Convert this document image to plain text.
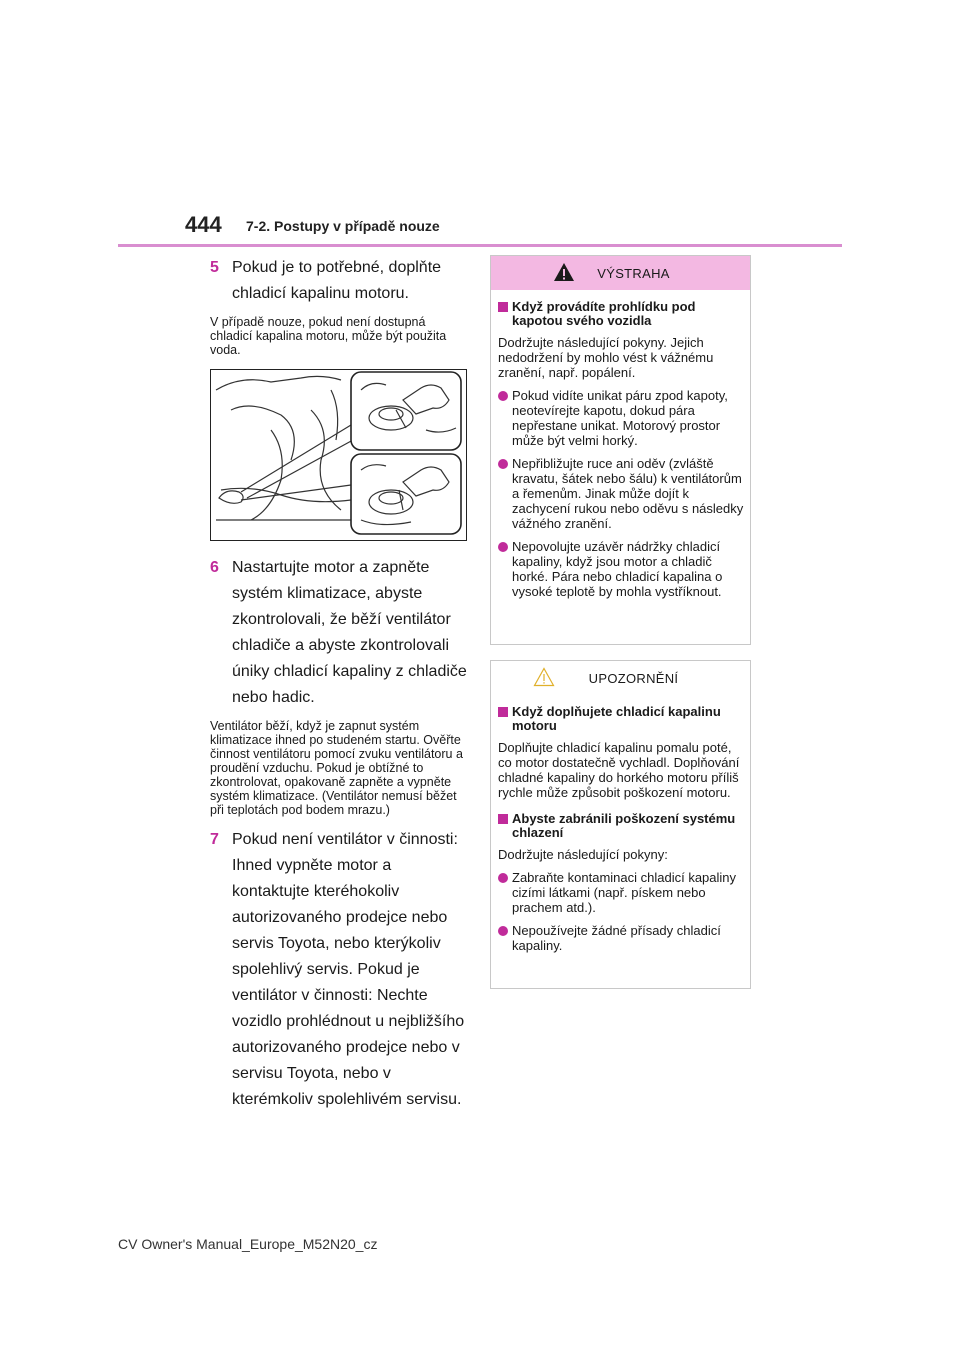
444 7-2. Postupy v případě nouze
5 Pokud je to potřebné, doplňte chladicí kapalinu motoru.
V případě nouze, pokud není dostupná chladicí kapalina motoru, může být použita voda.
6 Nastartujte motor a zapněte systém klimatizace, abyste zkontrolovali, že běží ventilátor chladiče a abyste zkontrolovali úniky chladicí kapaliny z chladiče nebo hadic.
Ventilátor běží, když je zapnut systém klimatizace ihned po studeném startu. Ověřte činnost ventilátoru pomocí zvuku ventilátoru a proudění vzduchu. Pokud je obtížné to zkontrolovat, opakovaně zapněte a vypněte systém klimatizace. (Ventilátor nemusí běžet při teplotách pod bodem mrazu.)
7 Pokud není ventilátor v činnosti: Ihned vypněte motor a kontaktujte kteréhokoliv autorizovaného prodejce nebo servis Toyota, nebo kterýkoliv spolehlivý servis. Pokud je ventilátor v činnosti: Nechte vozidlo prohlédnout u nejbližšího autorizovaného prodejce nebo v servisu Toyota, nebo v kterémkoliv spolehlivém servisu.
VÝSTRAHA
Když provádíte prohlídku pod kapotou svého vozidla
Dodržujte následující pokyny. Jejich nedodržení by mohlo vést k vážnému zranění, např. popálení.
Pokud vidíte unikat páru zpod kapoty, neotevírejte kapotu, dokud pára nepřestane unikat. Motorový prostor může být velmi horký.
Nepřibližujte ruce ani oděv (zvláště kravatu, šátek nebo šálu) k ventilátorům a řemenům. Jinak může dojít k zachycení rukou nebo oděvu s následky vážného zranění.
Nepovolujte uzávěr nádržky chladicí kapaliny, když jsou motor a chladič horké. Pára nebo chladicí kapalina o vysoké teplotě by mohla vystříknout.
UPOZORNĚNÍ
Když doplňujete chladicí kapalinu motoru
Doplňujte chladicí kapalinu pomalu poté, co motor dostatečně vychladl. Doplňování chladné kapaliny do horkého motoru příliš rychle může způsobit poškození motoru.
Abyste zabránili poškození systému chlazení
Dodržujte následující pokyny:
Zabraňte kontaminaci chladicí kapaliny cizími látkami (např. pískem nebo prachem atd.).
Nepoužívejte žádné přísady chladicí kapaliny.
CV Owner's Manual_Europe_M52N20_cz
